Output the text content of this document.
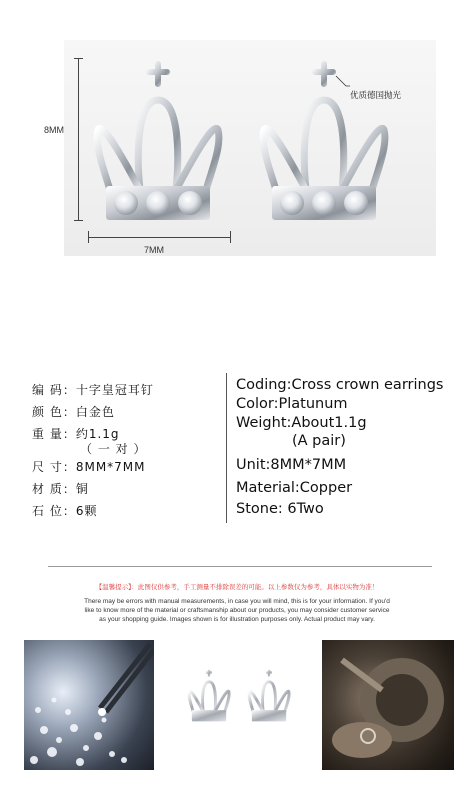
8MM
7MM
优质德国抛光
编 码：十字皇冠耳钉
颜 色：白金色
重 量：约1.1g
（ 一 对 ）
尺 寸：8MM*7MM
材 质：铜
石 位：6颗
Coding:Cross crown earrings
Color:Platunum
Weight:About1.1g
(A pair)
Unit:8MM*7MM
Material:Copper
Stone: 6Two
【温馨提示】：此图仅供参考，手工测量不排除误差的可能。以上参数仅为参考，具体以实物为准！
There may be errors with manual measurements, in case you will mind, this is for your information. If you'd
like to know more of the material or craftsmanship about our products, you may consider customer service
as your shopping guide. Images shown is for illustration purposes only. Actual product may vary.
